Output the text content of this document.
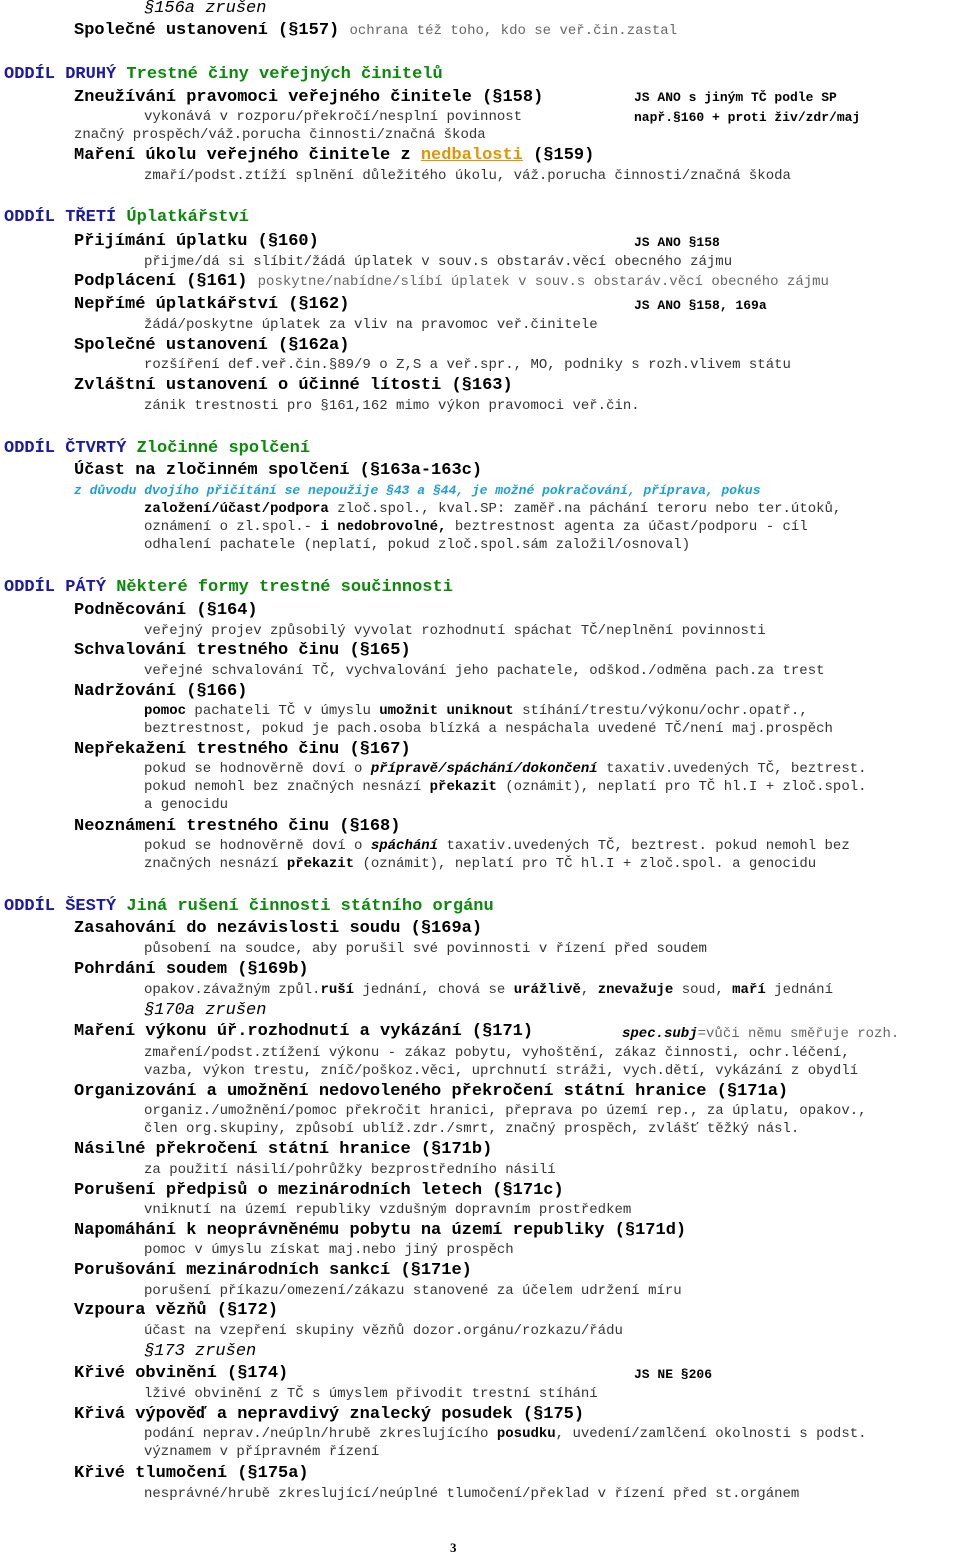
§156a zrušen
Společné ustanovení (§157) ochrana též toho, kdo se veř.čin.zastal
ODDÍL DRUHÝ Trestné činy veřejných činitelů
Zneužívání pravomoci veřejného činitele (§158)	JS ANO s jiným TČ podle SP
vykonává v rozporu/překročí/nesplní povinnost	např.§160 + proti živ/zdr/maj
značný prospěch/váž.porucha činnosti/značná škoda
Maření úkolu veřejného činitele z nedbalosti (§159)
zmaří/podst.ztíží splnění důležitého úkolu, váž.porucha činnosti/značná škoda
ODDÍL TŘETÍ Úplatkářství
Přijímání úplatku (§160)	JS ANO §158
přijme/dá si slíbit/žádá úplatek v souv.s obstaráv.věcí obecného zájmu
Podplácení (§161) poskytne/nabídne/slíbí úplatek v souv.s obstaráv.věcí obecného zájmu
Nepřímé úplatkářství (§162)	JS ANO §158, 169a
žádá/poskytne úplatek za vliv na pravomoc veř.činitele
Společné ustanovení (§162a)
rozšíření def.veř.čin.§89/9 o Z,S a veř.spr., MO, podniky s rozh.vlivem státu
Zvláštní ustanovení o účinné lítosti (§163)
zánik trestnosti pro §161,162 mimo výkon pravomoci veř.čin.
ODDÍL ČTVRTÝ Zločinné spolčení
Účast na zločinném spolčení (§163a-163c)
z důvodu dvojího přičítání se nepoužije §43 a §44, je možné pokračování, příprava, pokus
založení/účast/podpora zloč.spol., kval.SP: zaměř.na páchání teroru nebo ter.útoků,
oznámení o zl.spol.- i nedobrovolné, beztrestnost agenta za účast/podporu - cíl
odhalení pachatele (neplatí, pokud zloč.spol.sám založil/osnoval)
ODDÍL PÁTÝ Některé formy trestné součinnosti
Podněcování (§164)
veřejný projev způsobilý vyvolat rozhodnutí spáchat TČ/neplnění povinnosti
Schvalování trestného činu (§165)
veřejné schvalování TČ, vychvalování jeho pachatele, odškod./odměna pach.za trest
Nadržování (§166)
pomoc pachateli TČ v úmyslu umožnit uniknout stíhání/trestu/výkonu/ochr.opatř.,
beztrestnost, pokud je pach.osoba blízká a nespáchala uvedené TČ/není maj.prospěch
Nepřekažení trestného činu (§167)
pokud se hodnověrně doví o přípravě/spáchání/dokončení taxativ.uvedených TČ, beztrest.
pokud nemohl bez značných nesnází překazit (oznámit), neplatí pro TČ hl.I + zloč.spol.
a genocidu
Neoznámení trestného činu (§168)
pokud se hodnověrně doví o spáchání taxativ.uvedených TČ, beztrest. pokud nemohl bez
značných nesnází překazit (oznámit), neplatí pro TČ hl.I + zloč.spol. a genocidu
ODDÍL ŠESTÝ Jiná rušení činnosti státního orgánu
Zasahování do nezávislosti soudu (§169a)
působení na soudce, aby porušil své povinnosti v řízení před soudem
Pohrdání soudem (§169b)
opakov.závažným způl.ruší jednání, chová se urážlivě, znevažuje soud, maří jednání
§170a zrušen
Maření výkonu úř.rozhodnutí a vykázání (§171)	spec.subj=vůči němu směřuje rozh.
zmaření/podst.ztížení výkonu - zákaz pobytu, vyhoštění, zákaz činnosti, ochr.léčení,
vazba, výkon trestu, zníč/poškoz.věci, uprchnutí stráži, vych.dětí, vykázání z obydlí
Organizování a umožnění nedovoleného překročení státní hranice (§171a)
organiz./umožnění/pomoc překročit hranici, přeprava po území rep., za úplatu, opakov.,
člen org.skupiny, způsobí ublíž.zdr./smrt, značný prospěch, zvlášť těžký násl.
Násilné překročení státní hranice (§171b)
za použití násilí/pohrůžky bezprostředního násilí
Porušení předpisů o mezinárodních letech (§171c)
vniknutí na území republiky vzdušným dopravním prostředkem
Napomáhání k neoprávněnému pobytu na území republiky (§171d)
pomoc v úmyslu získat maj.nebo jiný prospěch
Porušování mezinárodních sankcí (§171e)
porušení příkazu/omezení/zákazu stanovené za účelem udržení míru
Vzpoura vězňů (§172)
účast na vzepření skupiny vězňů dozor.orgánu/rozkazu/řádu
§173 zrušen
Křivé obvinění (§174)	JS NE §206
lživé obvinění z TČ s úmyslem přivodit trestní stíhání
Křivá výpověď a nepravdivý znalecký posudek (§175)
podání neprav./neúpln/hrubě zkreslujícího posudku, uvedení/zamlčení okolnosti s podst.
významem v přípravném řízení
Křivé tlumočení (§175a)
nesprávné/hrubě zkreslující/neúplné tlumočení/překlad v řízení před st.orgánem
3
